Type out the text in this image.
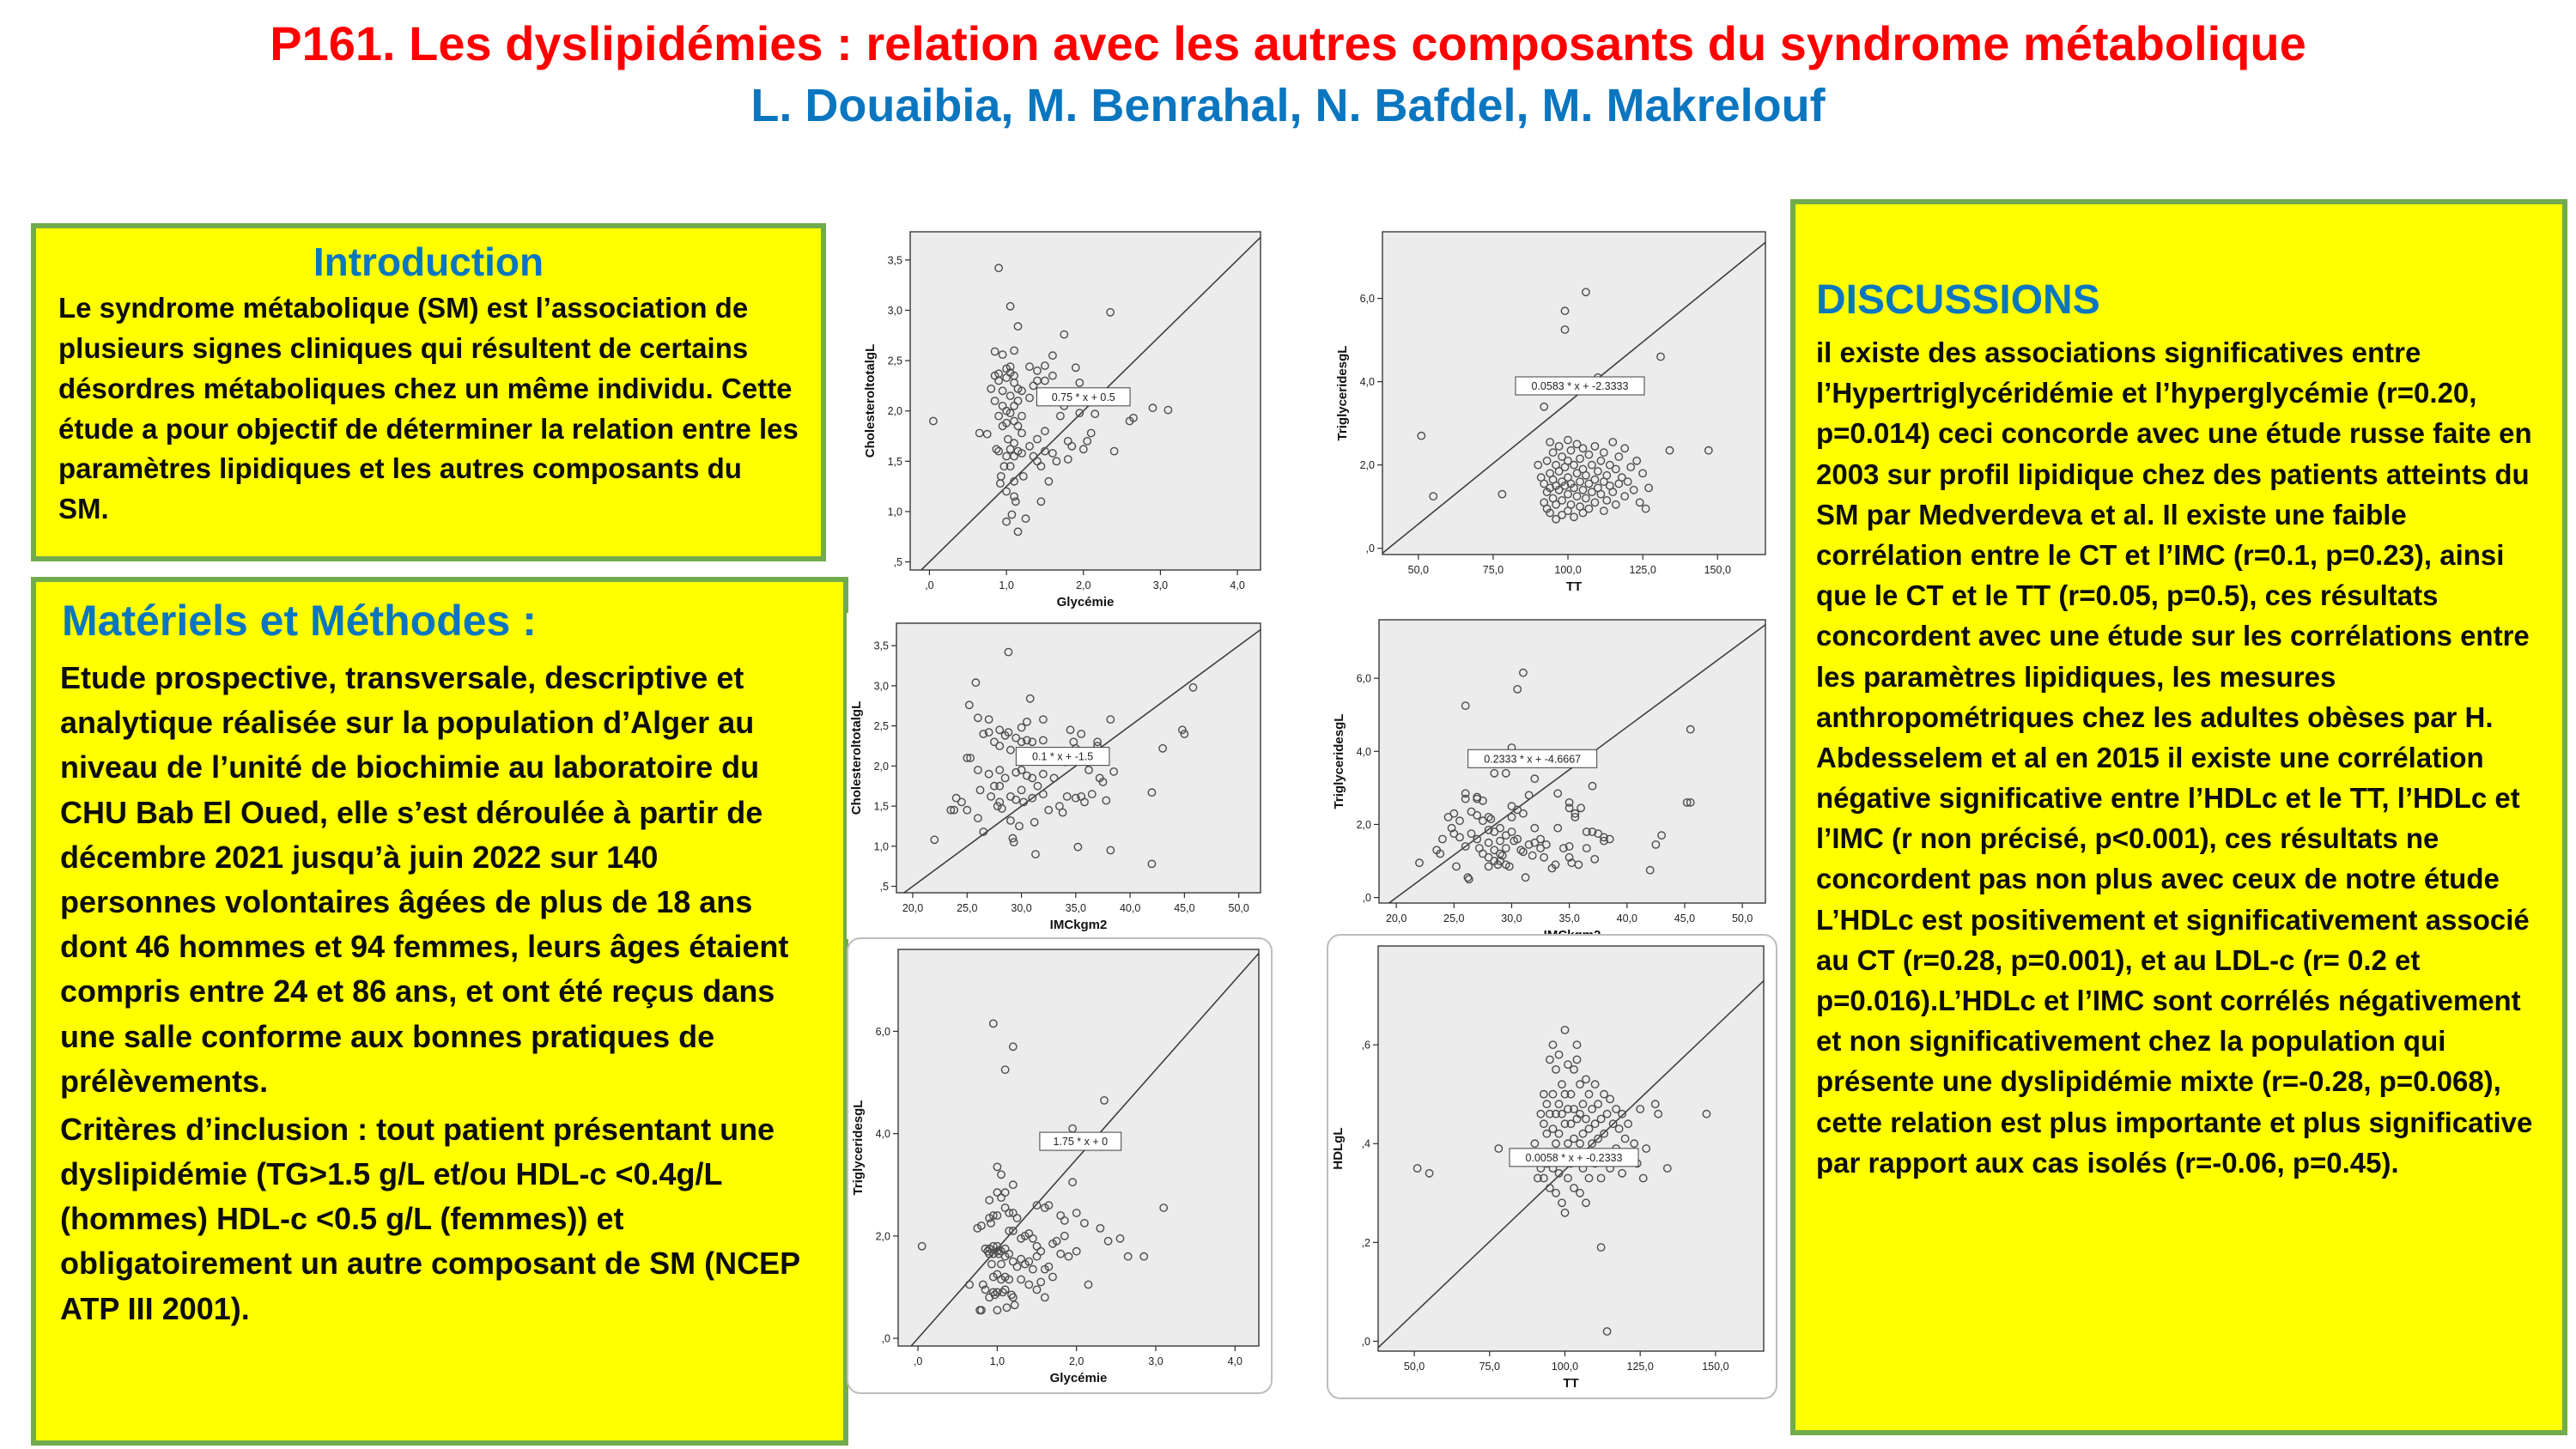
P161. Les dyslipidémies : relation avec les autres composants du syndrome métabolique
L. Douaibia, M. Benrahal, N. Bafdel, M. Makrelouf
Introduction

Le syndrome métabolique (SM) est l’association de plusieurs signes cliniques qui résultent de certains désordres métaboliques chez un même individu. Cette étude a pour objectif de déterminer la relation entre les paramètres lipidiques et les autres composants du SM.

Matériels et Méthodes :

Etude prospective, transversale, descriptive et analytique réalisée sur la population d’Alger au niveau de l’unité de biochimie au laboratoire du CHU Bab El Oued, elle s’est déroulée à partir de décembre 2021 jusqu’à juin 2022 sur 140 personnes volontaires âgées de plus de 18 ans dont 46 hommes et 94 femmes, leurs âges étaient compris entre 24 et 86 ans, et ont été reçus dans une salle conforme aux bonnes pratiques de prélèvements.

Critères d’inclusion : tout patient présentant une dyslipidémie (TG>1.5 g/L et/ou HDL-c <0.4g/L (hommes) HDL-c <0.5 g/L (femmes)) et obligatoirement un autre composant de SM (NCEP ATP III 2001).

DISCUSSIONS

il existe des associations significatives entre l’Hypertriglycéridémie et l’hyperglycémie (r=0.20, p=0.014) ceci concorde avec une étude russe faite en 2003 sur profil lipidique chez des patients atteints du SM par Medverdeva et al. Il existe une faible corrélation entre le CT et l’IMC (r=0.1, p=0.23), ainsi que le CT et le TT (r=0.05, p=0.5), ces résultats concordent avec une étude sur les corrélations entre les paramètres lipidiques, les mesures anthropométriques chez les adultes obèses par H. Abdesselem et al en 2015 il existe une corrélation négative significative entre l’HDLc et le TT, l’HDLc et l’IMC (r non précisé, p<0.001), ces résultats ne concordent pas non plus avec ceux de notre étude L’HDLc est positivement et significativement associé au CT (r=0.28, p=0.001), et au LDL-c (r= 0.2 et p=0.016).L’HDLc et l’IMC sont corrélés négativement et non significativement chez la population qui présente une dyslipidémie mixte (r=-0.28, p=0.068), cette relation est plus importante et plus significative par rapport aux cas isolés (r=-0.06, p=0.45).

0.75 * x + 0.5
,0	1,0	2,0	3,0	4,0
,5
1,0
1,5
2,0
2,5
3,0
3,5
Glycémie
CholesteroltotalgL	0.0583 * x + -2.3333
50,0	75,0	100,0	125,0	150,0
,0
2,0
4,0
6,0
TT
TriglyceridesgL
0.1 * x + -1.5
20,0	25,0	30,0	35,0	40,0	45,0	50,0
,5
1,0
1,5
2,0
2,5
3,0
3,5
IMCkgm2
CholesteroltotalgL	0.2333 * x + -4.6667
20,0	25,0	30,0	35,0	40,0	45,0	50,0
,0
2,0
4,0
6,0
TriglyceridesgL
1.75 * x + 0
,0	1,0	2,0	3,0	4,0
,0
2,0
4,0
6,0
Glycémie
TriglyceridesgL	0.0058 * x + -0.2333
50,0	75,0	100,0	125,0	150,0
,0
,2
,4
,6
TT
HDLgL
